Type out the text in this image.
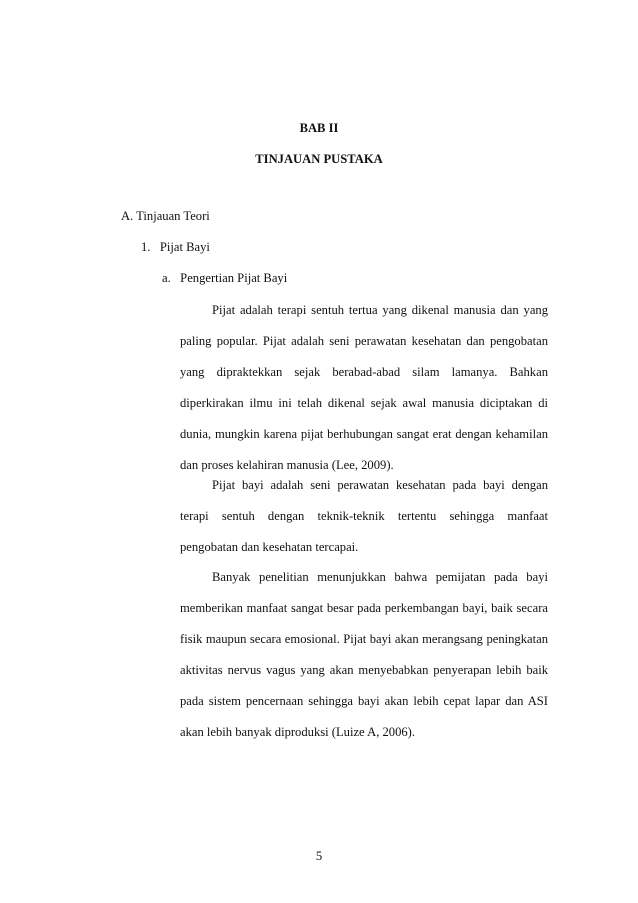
BAB II
TINJAUAN PUSTAKA
A. Tinjauan Teori
1.   Pijat Bayi
a.   Pengertian Pijat Bayi
Pijat adalah terapi sentuh tertua yang dikenal manusia dan yang paling popular. Pijat adalah seni perawatan kesehatan dan pengobatan yang dipraktekkan sejak berabad-abad silam lamanya. Bahkan diperkirakan ilmu ini telah dikenal sejak awal manusia diciptakan di dunia, mungkin karena pijat berhubungan sangat erat dengan kehamilan dan proses kelahiran manusia (Lee, 2009).
Pijat bayi adalah seni perawatan kesehatan pada bayi dengan terapi sentuh dengan teknik-teknik tertentu sehingga manfaat pengobatan dan kesehatan tercapai.
Banyak penelitian menunjukkan bahwa pemijatan pada bayi memberikan manfaat sangat besar pada perkembangan bayi, baik secara fisik maupun secara emosional. Pijat bayi akan merangsang peningkatan aktivitas nervus vagus yang akan menyebabkan penyerapan lebih baik pada sistem pencernaan sehingga bayi akan lebih cepat lapar dan ASI akan lebih banyak diproduksi (Luize A, 2006).
5
